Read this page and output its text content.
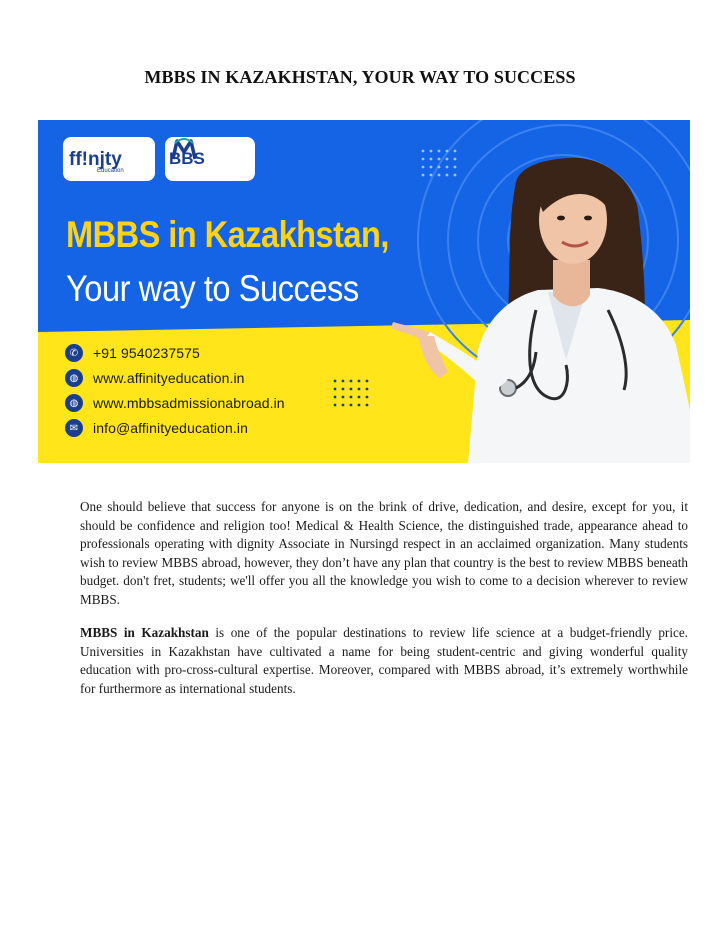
MBBS IN KAZAKHSTAN, YOUR WAY TO SUCCESS
ff!njty
Education
BBS
MBBS in Kazakhstan,
Your way to Success
✆	+91 9540237575
◍	www.affinityeducation.in
◍	www.mbbsadmissionabroad.in
✉	info@affinityeducation.in

One should believe that success for anyone is on the brink of drive, dedication, and desire, except for you, it should be confidence and religion too! Medical & Health Science, the distinguished trade, appearance ahead to professionals operating with dignity Associate in Nursingd respect in an acclaimed organization. Many students wish to review MBBS abroad, however, they don’t have any plan that country is the best to review MBBS beneath budget. don't fret, students; we'll offer you all the knowledge you wish to come to a decision wherever to review MBBS.

MBBS in Kazakhstan is one of the popular destinations to review life science at a budget-friendly price. Universities in Kazakhstan have cultivated a name for being student-centric and giving wonderful quality education with pro-cross-cultural expertise. Moreover, compared with MBBS abroad, it’s extremely worthwhile for furthermore as international students.
